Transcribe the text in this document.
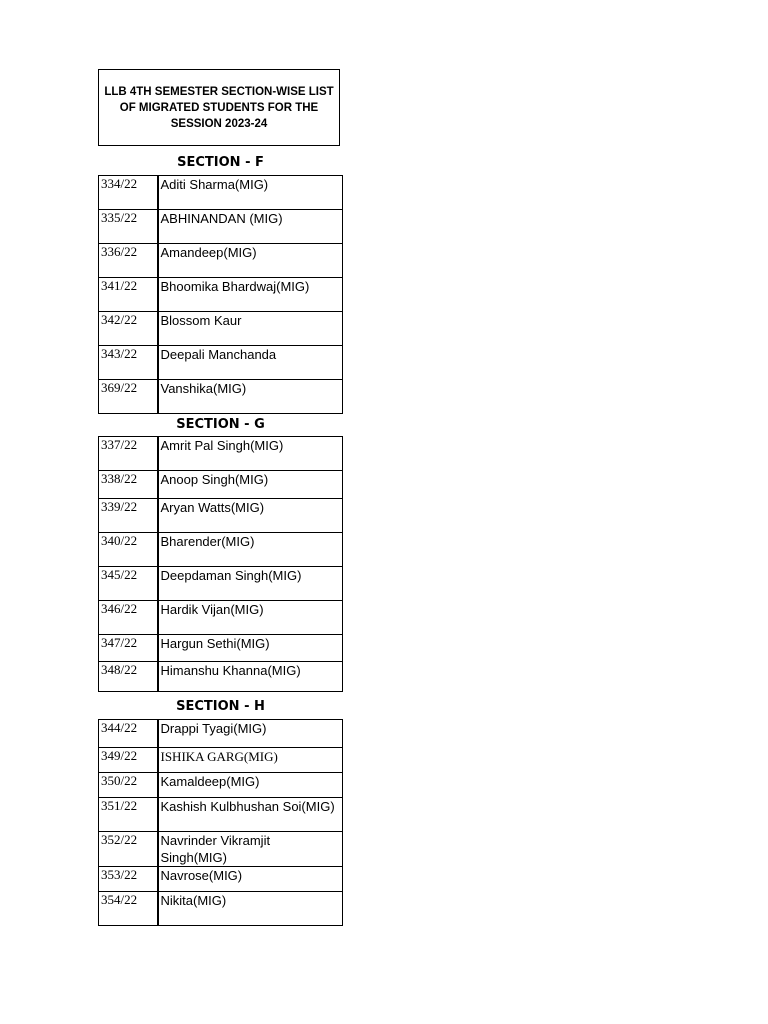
LLB 4TH SEMESTER SECTION-WISE LIST OF MIGRATED STUDENTS FOR THE SESSION 2023-24
SECTION - F
334/22	Aditi Sharma(MIG)
335/22	ABHINANDAN (MIG)
336/22	Amandeep(MIG)
341/22	Bhoomika Bhardwaj(MIG)
342/22	Blossom Kaur
343/22	Deepali Manchanda
369/22	Vanshika(MIG)
SECTION - G
337/22	Amrit Pal Singh(MIG)
338/22	Anoop Singh(MIG)
339/22	Aryan Watts(MIG)
340/22	Bharender(MIG)
345/22	Deepdaman Singh(MIG)
346/22	Hardik Vijan(MIG)
347/22	Hargun Sethi(MIG)
348/22	Himanshu Khanna(MIG)
SECTION - H
344/22	Drappi Tyagi(MIG)
349/22	ISHIKA GARG(MIG)
350/22	Kamaldeep(MIG)
351/22	Kashish Kulbhushan Soi(MIG)
352/22	Navrinder Vikramjit Singh(MIG)
353/22	Navrose(MIG)
354/22	Nikita(MIG)
